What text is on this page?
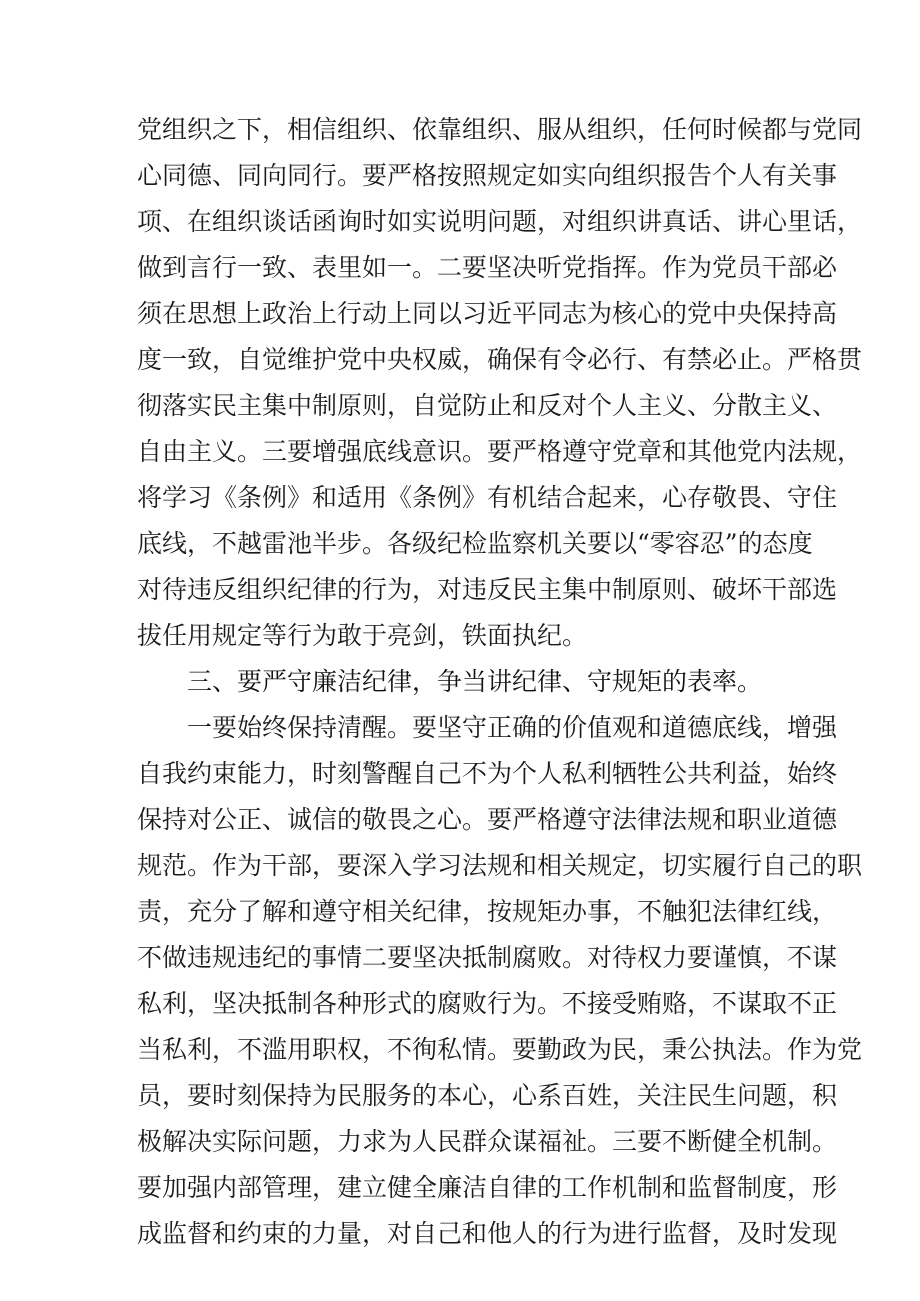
党组织之下，相信组织、依靠组织、服从组织，任何时候都与党同
心同德、同向同行。要严格按照规定如实向组织报告个人有关事
项、在组织谈话函询时如实说明问题，对组织讲真话、讲心里话，
做到言行一致、表里如一。二要坚决听党指挥。作为党员干部必
须在思想上政治上行动上同以习近平同志为核心的党中央保持高
度一致，自觉维护党中央权威，确保有令必行、有禁必止。严格贯
彻落实民主集中制原则，自觉防止和反对个人主义、分散主义、
自由主义。三要增强底线意识。要严格遵守党章和其他党内法规，
将学习《条例》和适用《条例》有机结合起来，心存敬畏、守住
底线，不越雷池半步。各级纪检监察机关要以“零容忍”的态度
对待违反组织纪律的行为，对违反民主集中制原则、破坏干部选
拔任用规定等行为敢于亮剑，铁面执纪。
三、要严守廉洁纪律，争当讲纪律、守规矩的表率。
一要始终保持清醒。要坚守正确的价值观和道德底线，增强
自我约束能力，时刻警醒自己不为个人私利牺牲公共利益，始终
保持对公正、诚信的敬畏之心。要严格遵守法律法规和职业道德
规范。作为干部，要深入学习法规和相关规定，切实履行自己的职
责，充分了解和遵守相关纪律，按规矩办事，不触犯法律红线，
不做违规违纪的事情二要坚决抵制腐败。对待权力要谨慎，不谋
私利，坚决抵制各种形式的腐败行为。不接受贿赂，不谋取不正
当私利，不滥用职权，不徇私情。要勤政为民，秉公执法。作为党
员，要时刻保持为民服务的本心，心系百姓，关注民生问题，积
极解决实际问题，力求为人民群众谋福祉。三要不断健全机制。
要加强内部管理，建立健全廉洁自律的工作机制和监督制度，形
成监督和约束的力量，对自己和他人的行为进行监督，及时发现
